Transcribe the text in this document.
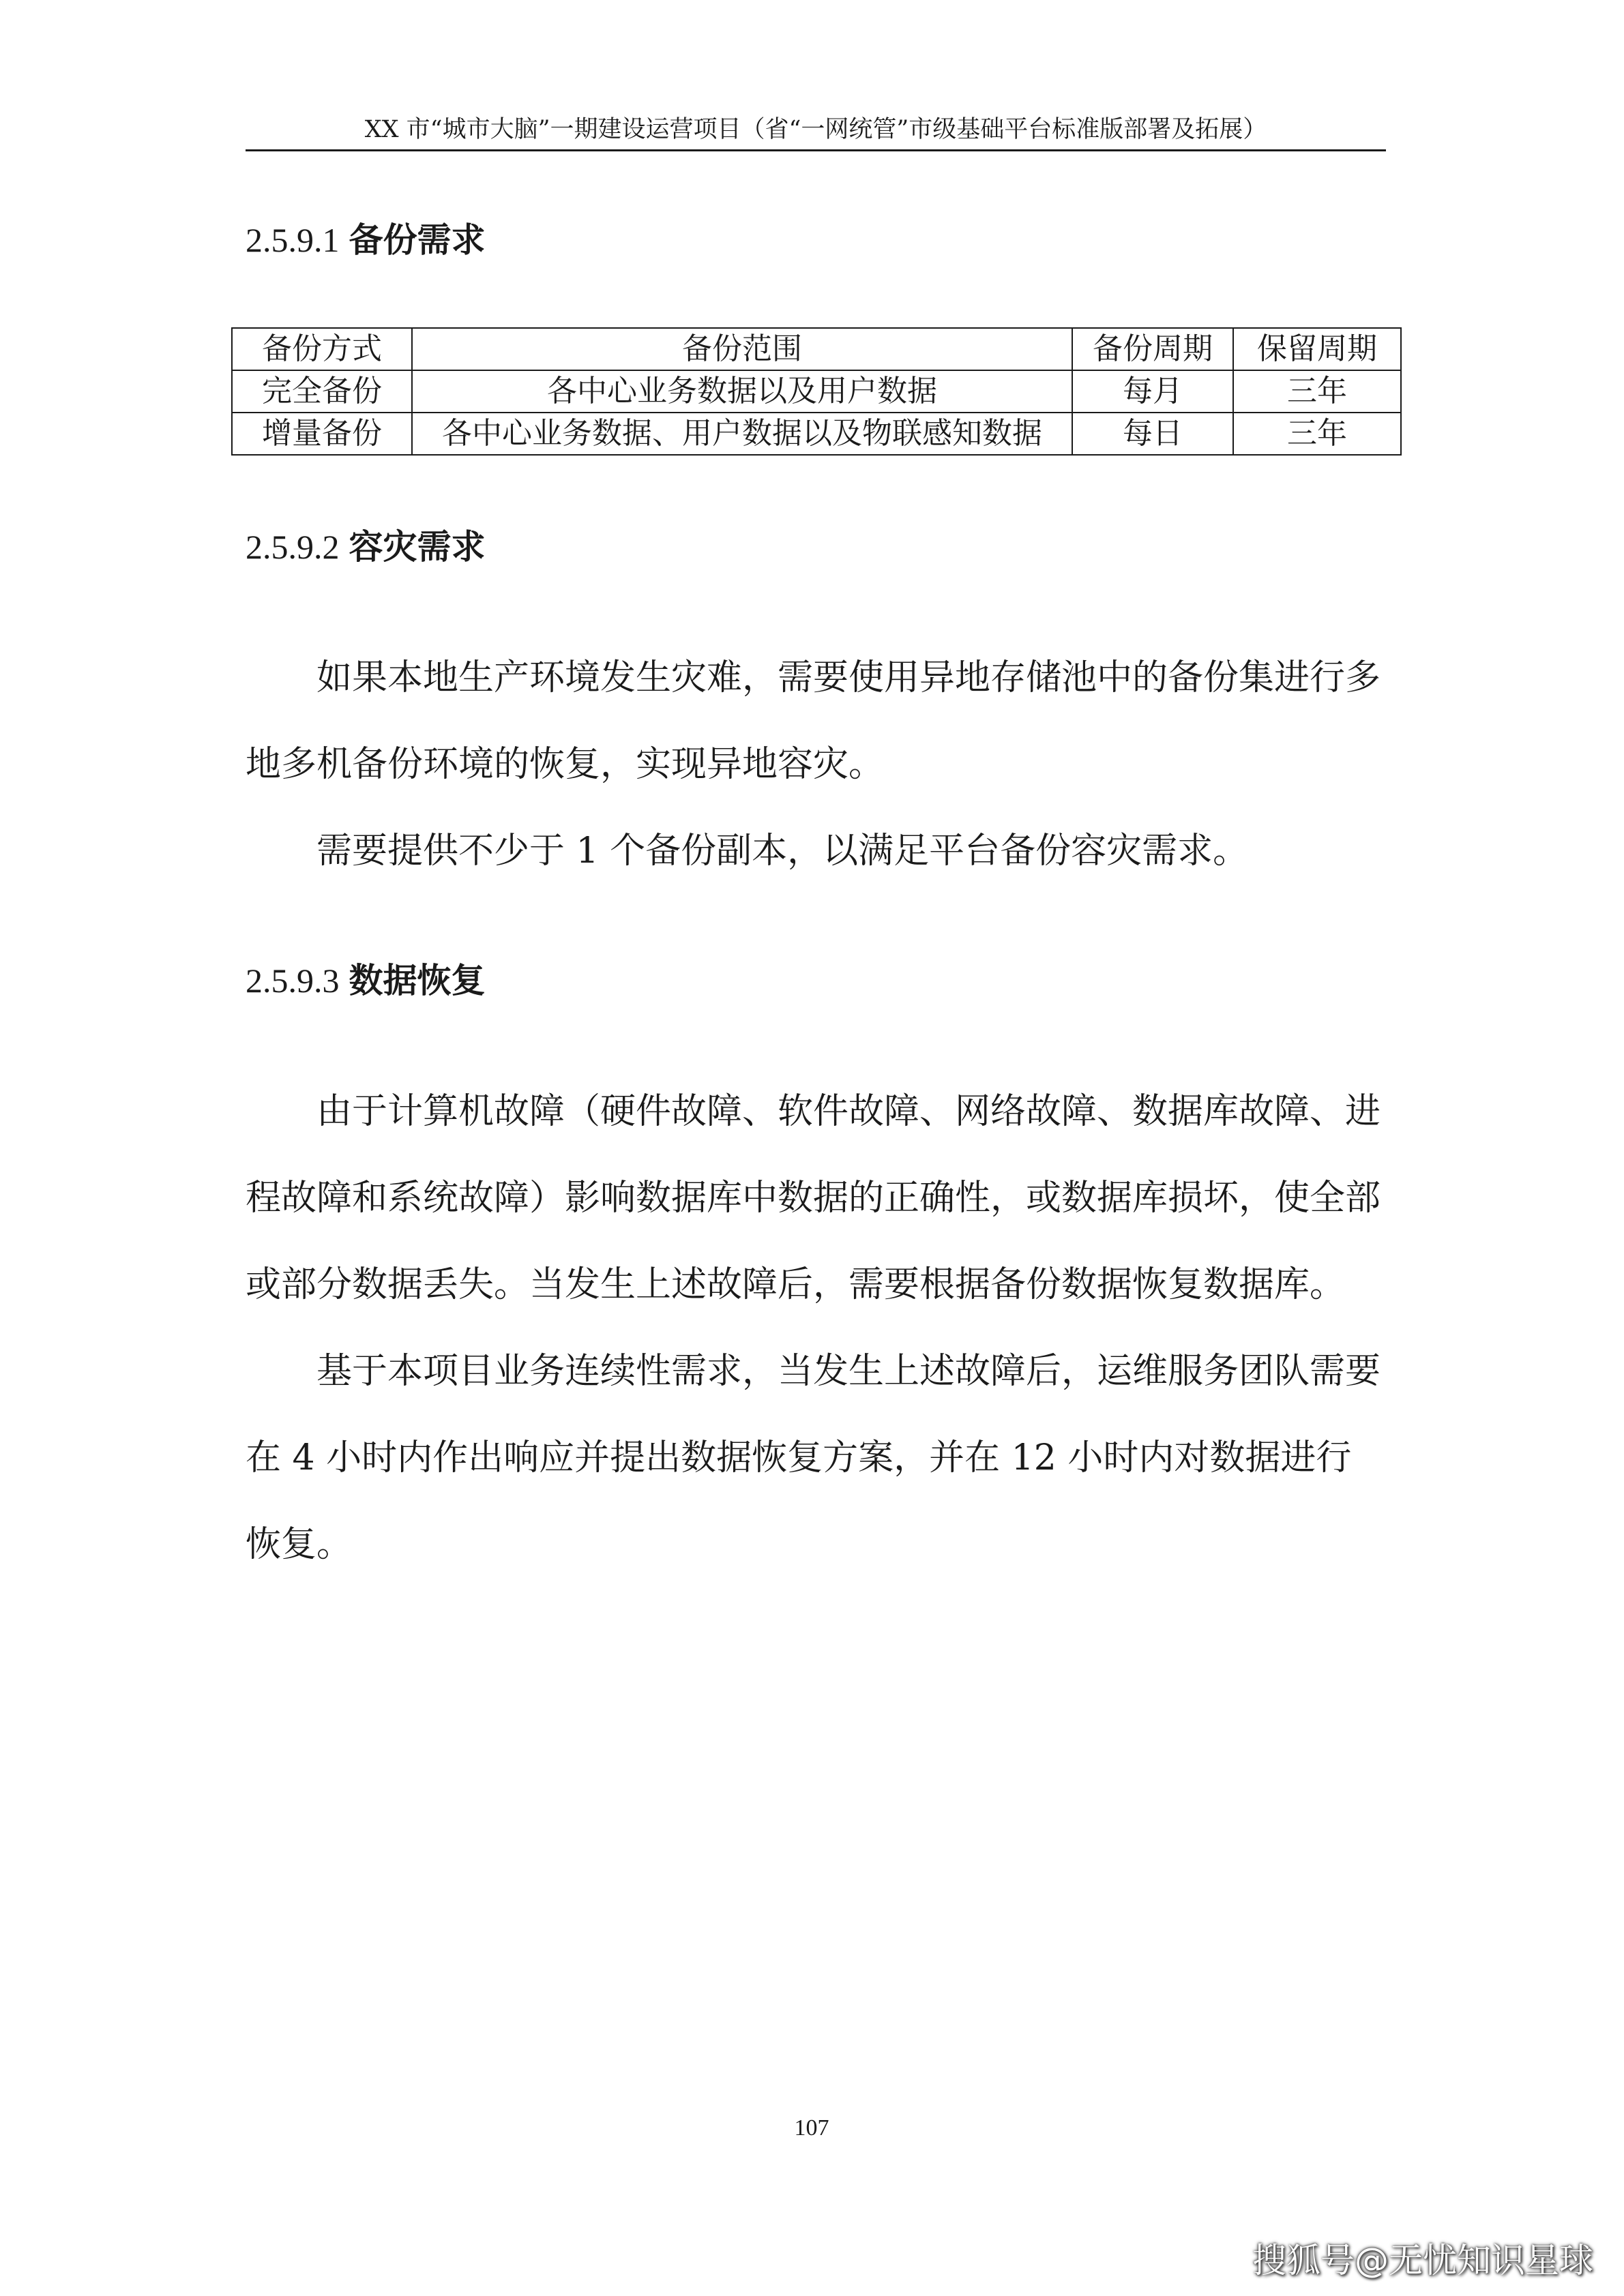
XX 市“城市大脑”一期建设运营项目（省“一网统管”市级基础平台标准版部署及拓展）
2.5.9.1 备份需求
备份方式	备份范围	备份周期	保留周期
完全备份	各中心业务数据以及用户数据	每月	三年
增量备份	各中心业务数据、用户数据以及物联感知数据	每日	三年
2.5.9.2 容灾需求

如果本地生产环境发生灾难，需要使用异地存储池中的备份集进行多地多机备份环境的恢复，实现异地容灾。

需要提供不少于 1 个备份副本，以满足平台备份容灾需求。

2.5.9.3 数据恢复

由于计算机故障（硬件故障、软件故障、网络故障、数据库故障、进程故障和系统故障）影响数据库中数据的正确性，或数据库损坏，使全部或部分数据丢失。当发生上述故障后，需要根据备份数据恢复数据库。

基于本项目业务连续性需求，当发生上述故障后，运维服务团队需要在 4 小时内作出响应并提出数据恢复方案，并在 12 小时内对数据进行恢复。

107
搜狐号@无忧知识星球
